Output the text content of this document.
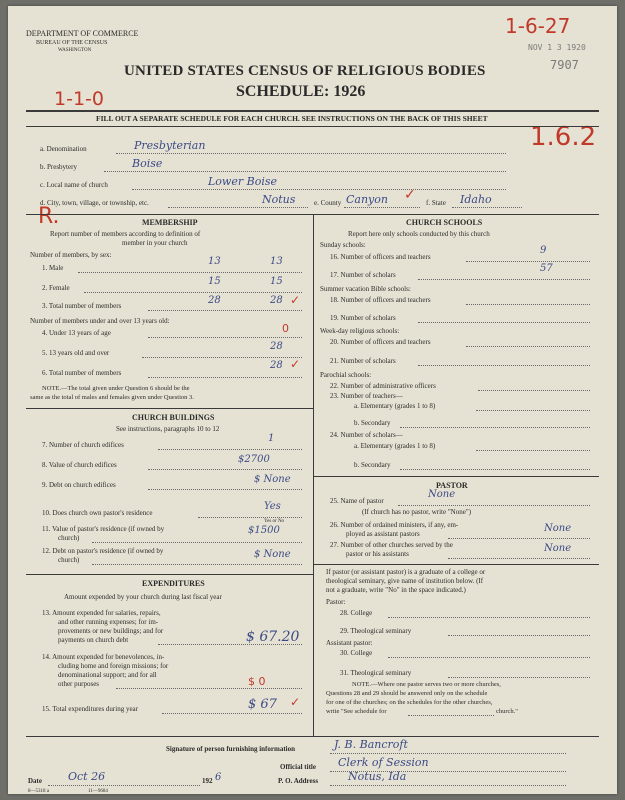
1-6-27
NOV 1 3 1920
7907
1-1-0
1.6.2
R.
DEPARTMENT OF COMMERCE
BUREAU OF THE CENSUS
WASHINGTON
UNITED STATES CENSUS OF RELIGIOUS BODIES
SCHEDULE: 1926
FILL OUT A SEPARATE SCHEDULE FOR EACH CHURCH. SEE INSTRUCTIONS ON THE BACK OF THIS SHEET
a. Denomination	Presbyterian
b. Presbytery	Boise
c. Local name of church	Lower Boise
d. City, town, village, or township, etc.	Notus	e. County Canyon ✓ f. State Idaho
MEMBERSHIP
Report number of members according to definition of
member in your church
Number of members, by sex:
1. Male
13	13
2. Female
15	15
3. Total number of members	28	28 ✓
Number of members under and over 13 years old:
4. Under 13 years of age	0
5. 13 years old and over
28
6. Total number of members
28 ✓
NOTE.—The total given under Question 6 should be the
same as the total of males and females given under Question 3.
CHURCH BUILDINGS
See instructions, paragraphs 10 to 12
7. Number of church edifices
1
8. Value of church edifices	$2700
9. Debt on church edifices	$ None
10. Does church own pastor's residence
Yes
Yes or No
11. Value of pastor's residence (if owned by
church)
$1500
12. Debt on pastor's residence (if owned by
church)	$ None
EXPENDITURES
Amount expended by your church during last fiscal year
13. Amount expended for salaries, repairs,
and other running expenses; for im-
provements or new buildings; and for
payments on church debt	$ 67.20
14. Amount expended for benevolences, in-
cluding home and foreign missions; for
denominational support; and for all
other purposes	$ 0
15. Total expenditures during year	$ 67 ✓
CHURCH SCHOOLS
Report here only schools conducted by this church
Sunday schools:
16. Number of officers and teachers
9
17. Number of scholars
57
Summer vacation Bible schools:
18. Number of officers and teachers
19. Number of scholars
Week-day religious schools:
20. Number of officers and teachers
21. Number of scholars
Parochial schools:
22. Number of administrative officers
23. Number of teachers—
a. Elementary (grades 1 to 8)
b. Secondary
24. Number of scholars—
a. Elementary (grades 1 to 8)
b. Secondary
PASTOR
25. Name of pastor
None
(If church has no pastor, write "None")
26. Number of ordained ministers, if any, em-
ployed as assistant pastors	None
27. Number of other churches served by the
pastor or his assistants	None
If pastor (or assistant pastor) is a graduate of a college or
theological seminary, give name of institution below. (If
not a graduate, write "No" in the space indicated.)
Pastor:
28. College
29. Theological seminary
Assistant pastor:
30. College
31. Theological seminary
NOTE.—Where one pastor serves two or more churches,
Questions 28 and 29 should be answered only on the schedule
for one of the churches; on the schedules for the other churches,
write "See schedule for	church."
Signature of person furnishing information	J. B. Bancroft
Official title Clerk of Session
Date Oct 26	192 6	P. O. Address	Notus, Ida
8—5318 a	11—9684
